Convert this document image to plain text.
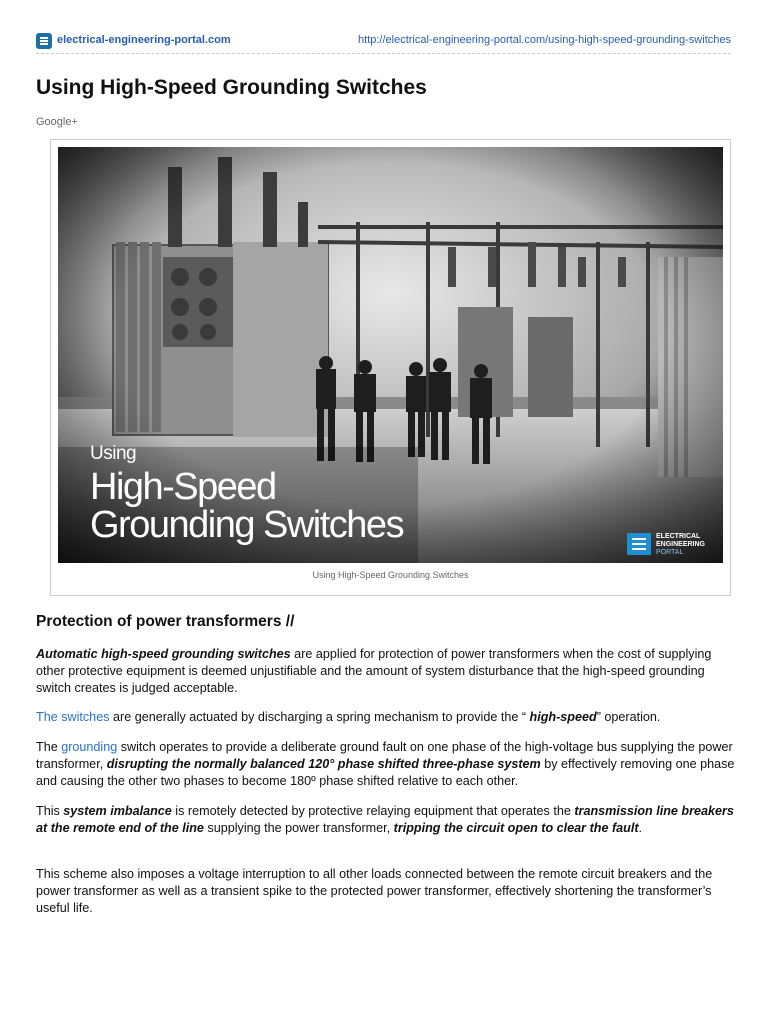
electrical-engineering-portal.com	http://electrical-engineering-portal.com/using-high-speed-grounding-switches
Using High-Speed Grounding Switches
Google+
Using
High-Speed
Grounding Switches	ELECTRICAL
ENGINEERING
PORTAL
Using High-Speed Grounding Switches
Protection of power transformers //

Automatic high-speed grounding switches are applied for protection of power transformers when the cost of supplying other protective equipment is deemed unjustifiable and the amount of system disturbance that the high-speed grounding switch creates is judged acceptable.

The switches are generally actuated by discharging a spring mechanism to provide the “ high-speed” operation.

The grounding switch operates to provide a deliberate ground fault on one phase of the high-voltage bus supplying the power transformer, disrupting the normally balanced 120° phase shifted three-phase system by effectively removing one phase and causing the other two phases to become 180º phase shifted relative to each other.

This system imbalance is remotely detected by protective relaying equipment that operates the transmission line breakers at the remote end of the line supplying the power transformer, tripping the circuit open to clear the fault.

This scheme also imposes a voltage interruption to all other loads connected between the remote circuit breakers and the power transformer as well as a transient spike to the protected power transformer, effectively shortening the transformer’s useful life.
